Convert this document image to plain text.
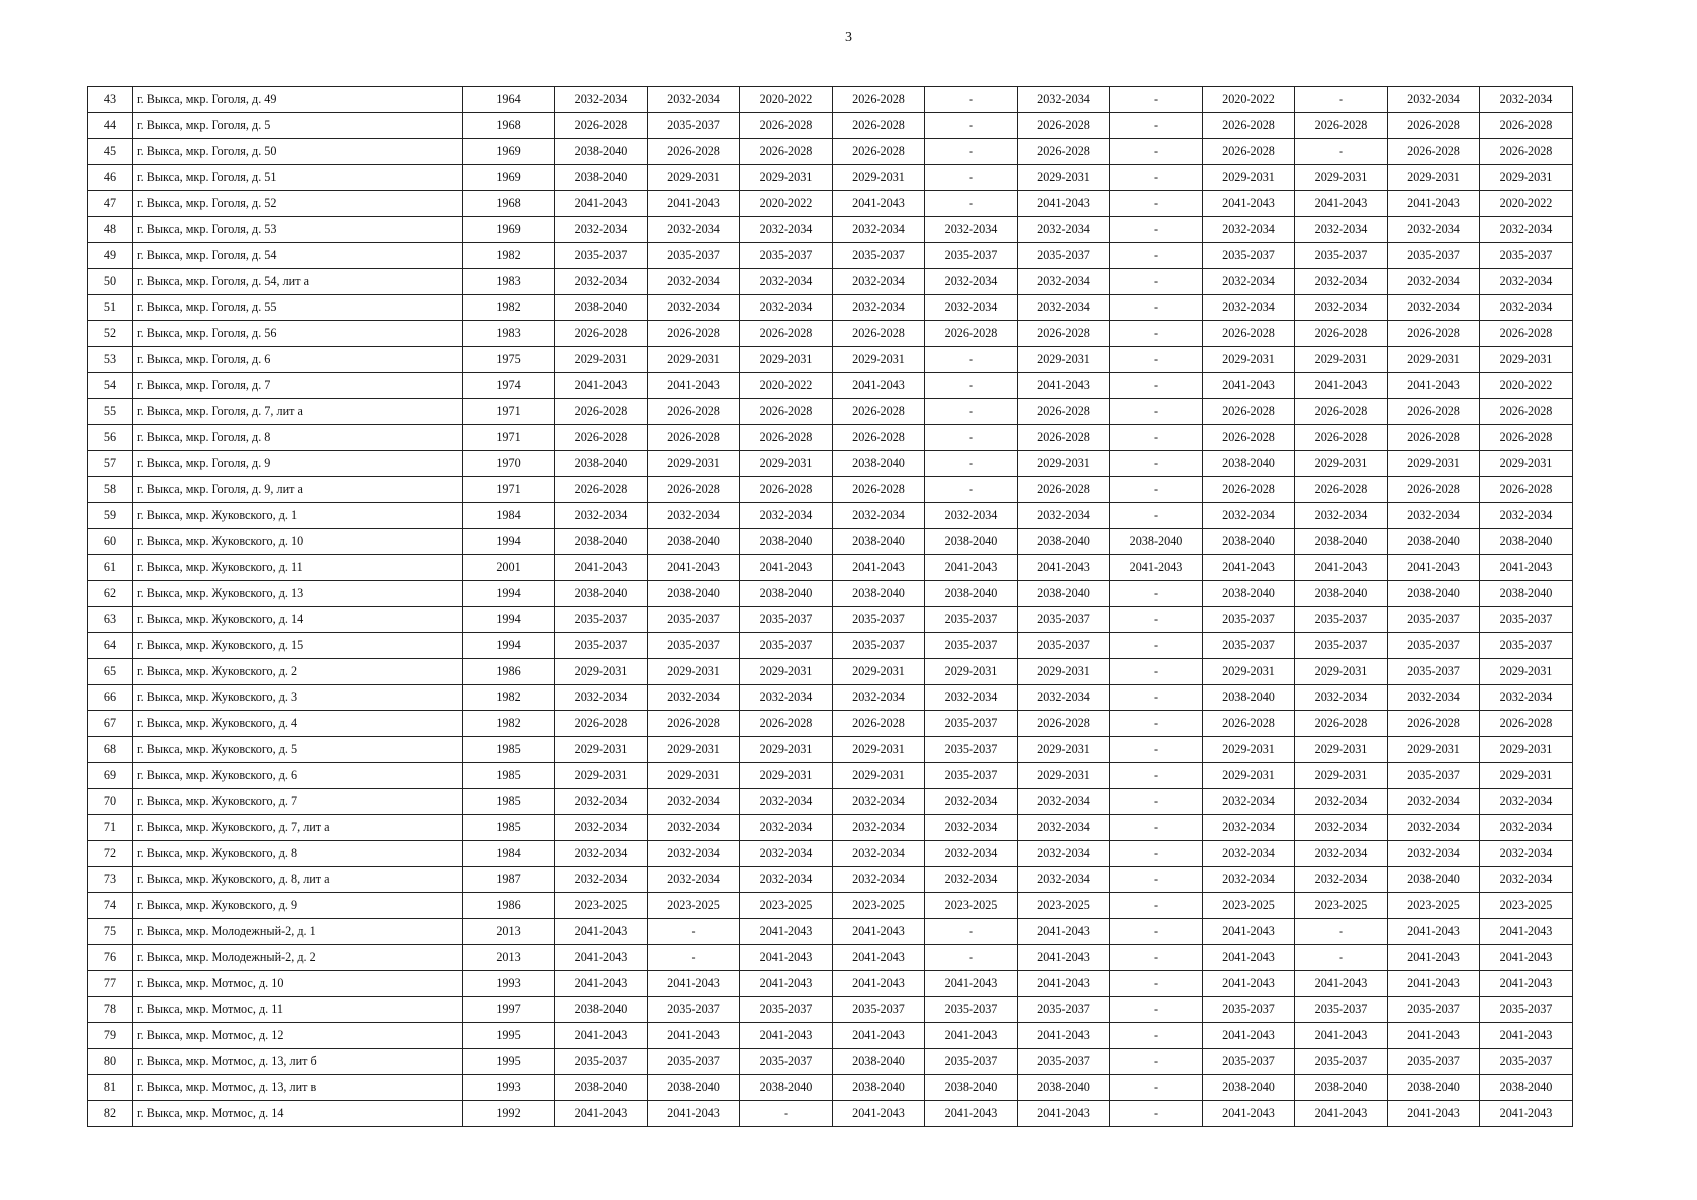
3
43	г. Выкса, мкр. Гоголя, д. 49	1964	2032-2034	2032-2034	2020-2022	2026-2028	-	2032-2034	-	2020-2022	-	2032-2034	2032-2034
44	г. Выкса, мкр. Гоголя, д. 5	1968	2026-2028	2035-2037	2026-2028	2026-2028	-	2026-2028	-	2026-2028	2026-2028	2026-2028	2026-2028
45	г. Выкса, мкр. Гоголя, д. 50	1969	2038-2040	2026-2028	2026-2028	2026-2028	-	2026-2028	-	2026-2028	-	2026-2028	2026-2028
46	г. Выкса, мкр. Гоголя, д. 51	1969	2038-2040	2029-2031	2029-2031	2029-2031	-	2029-2031	-	2029-2031	2029-2031	2029-2031	2029-2031
47	г. Выкса, мкр. Гоголя, д. 52	1968	2041-2043	2041-2043	2020-2022	2041-2043	-	2041-2043	-	2041-2043	2041-2043	2041-2043	2020-2022
48	г. Выкса, мкр. Гоголя, д. 53	1969	2032-2034	2032-2034	2032-2034	2032-2034	2032-2034	2032-2034	-	2032-2034	2032-2034	2032-2034	2032-2034
49	г. Выкса, мкр. Гоголя, д. 54	1982	2035-2037	2035-2037	2035-2037	2035-2037	2035-2037	2035-2037	-	2035-2037	2035-2037	2035-2037	2035-2037
50	г. Выкса, мкр. Гоголя, д. 54, лит а	1983	2032-2034	2032-2034	2032-2034	2032-2034	2032-2034	2032-2034	-	2032-2034	2032-2034	2032-2034	2032-2034
51	г. Выкса, мкр. Гоголя, д. 55	1982	2038-2040	2032-2034	2032-2034	2032-2034	2032-2034	2032-2034	-	2032-2034	2032-2034	2032-2034	2032-2034
52	г. Выкса, мкр. Гоголя, д. 56	1983	2026-2028	2026-2028	2026-2028	2026-2028	2026-2028	2026-2028	-	2026-2028	2026-2028	2026-2028	2026-2028
53	г. Выкса, мкр. Гоголя, д. 6	1975	2029-2031	2029-2031	2029-2031	2029-2031	-	2029-2031	-	2029-2031	2029-2031	2029-2031	2029-2031
54	г. Выкса, мкр. Гоголя, д. 7	1974	2041-2043	2041-2043	2020-2022	2041-2043	-	2041-2043	-	2041-2043	2041-2043	2041-2043	2020-2022
55	г. Выкса, мкр. Гоголя, д. 7, лит а	1971	2026-2028	2026-2028	2026-2028	2026-2028	-	2026-2028	-	2026-2028	2026-2028	2026-2028	2026-2028
56	г. Выкса, мкр. Гоголя, д. 8	1971	2026-2028	2026-2028	2026-2028	2026-2028	-	2026-2028	-	2026-2028	2026-2028	2026-2028	2026-2028
57	г. Выкса, мкр. Гоголя, д. 9	1970	2038-2040	2029-2031	2029-2031	2038-2040	-	2029-2031	-	2038-2040	2029-2031	2029-2031	2029-2031
58	г. Выкса, мкр. Гоголя, д. 9, лит а	1971	2026-2028	2026-2028	2026-2028	2026-2028	-	2026-2028	-	2026-2028	2026-2028	2026-2028	2026-2028
59	г. Выкса, мкр. Жуковского, д. 1	1984	2032-2034	2032-2034	2032-2034	2032-2034	2032-2034	2032-2034	-	2032-2034	2032-2034	2032-2034	2032-2034
60	г. Выкса, мкр. Жуковского, д. 10	1994	2038-2040	2038-2040	2038-2040	2038-2040	2038-2040	2038-2040	2038-2040	2038-2040	2038-2040	2038-2040	2038-2040
61	г. Выкса, мкр. Жуковского, д. 11	2001	2041-2043	2041-2043	2041-2043	2041-2043	2041-2043	2041-2043	2041-2043	2041-2043	2041-2043	2041-2043	2041-2043
62	г. Выкса, мкр. Жуковского, д. 13	1994	2038-2040	2038-2040	2038-2040	2038-2040	2038-2040	2038-2040	-	2038-2040	2038-2040	2038-2040	2038-2040
63	г. Выкса, мкр. Жуковского, д. 14	1994	2035-2037	2035-2037	2035-2037	2035-2037	2035-2037	2035-2037	-	2035-2037	2035-2037	2035-2037	2035-2037
64	г. Выкса, мкр. Жуковского, д. 15	1994	2035-2037	2035-2037	2035-2037	2035-2037	2035-2037	2035-2037	-	2035-2037	2035-2037	2035-2037	2035-2037
65	г. Выкса, мкр. Жуковского, д. 2	1986	2029-2031	2029-2031	2029-2031	2029-2031	2029-2031	2029-2031	-	2029-2031	2029-2031	2035-2037	2029-2031
66	г. Выкса, мкр. Жуковского, д. 3	1982	2032-2034	2032-2034	2032-2034	2032-2034	2032-2034	2032-2034	-	2038-2040	2032-2034	2032-2034	2032-2034
67	г. Выкса, мкр. Жуковского, д. 4	1982	2026-2028	2026-2028	2026-2028	2026-2028	2035-2037	2026-2028	-	2026-2028	2026-2028	2026-2028	2026-2028
68	г. Выкса, мкр. Жуковского, д. 5	1985	2029-2031	2029-2031	2029-2031	2029-2031	2035-2037	2029-2031	-	2029-2031	2029-2031	2029-2031	2029-2031
69	г. Выкса, мкр. Жуковского, д. 6	1985	2029-2031	2029-2031	2029-2031	2029-2031	2035-2037	2029-2031	-	2029-2031	2029-2031	2035-2037	2029-2031
70	г. Выкса, мкр. Жуковского, д. 7	1985	2032-2034	2032-2034	2032-2034	2032-2034	2032-2034	2032-2034	-	2032-2034	2032-2034	2032-2034	2032-2034
71	г. Выкса, мкр. Жуковского, д. 7, лит а	1985	2032-2034	2032-2034	2032-2034	2032-2034	2032-2034	2032-2034	-	2032-2034	2032-2034	2032-2034	2032-2034
72	г. Выкса, мкр. Жуковского, д. 8	1984	2032-2034	2032-2034	2032-2034	2032-2034	2032-2034	2032-2034	-	2032-2034	2032-2034	2032-2034	2032-2034
73	г. Выкса, мкр. Жуковского, д. 8, лит а	1987	2032-2034	2032-2034	2032-2034	2032-2034	2032-2034	2032-2034	-	2032-2034	2032-2034	2038-2040	2032-2034
74	г. Выкса, мкр. Жуковского, д. 9	1986	2023-2025	2023-2025	2023-2025	2023-2025	2023-2025	2023-2025	-	2023-2025	2023-2025	2023-2025	2023-2025
75	г. Выкса, мкр. Молодежный-2, д. 1	2013	2041-2043	-	2041-2043	2041-2043	-	2041-2043	-	2041-2043	-	2041-2043	2041-2043
76	г. Выкса, мкр. Молодежный-2, д. 2	2013	2041-2043	-	2041-2043	2041-2043	-	2041-2043	-	2041-2043	-	2041-2043	2041-2043
77	г. Выкса, мкр. Мотмос, д. 10	1993	2041-2043	2041-2043	2041-2043	2041-2043	2041-2043	2041-2043	-	2041-2043	2041-2043	2041-2043	2041-2043
78	г. Выкса, мкр. Мотмос, д. 11	1997	2038-2040	2035-2037	2035-2037	2035-2037	2035-2037	2035-2037	-	2035-2037	2035-2037	2035-2037	2035-2037
79	г. Выкса, мкр. Мотмос, д. 12	1995	2041-2043	2041-2043	2041-2043	2041-2043	2041-2043	2041-2043	-	2041-2043	2041-2043	2041-2043	2041-2043
80	г. Выкса, мкр. Мотмос, д. 13, лит б	1995	2035-2037	2035-2037	2035-2037	2038-2040	2035-2037	2035-2037	-	2035-2037	2035-2037	2035-2037	2035-2037
81	г. Выкса, мкр. Мотмос, д. 13, лит в	1993	2038-2040	2038-2040	2038-2040	2038-2040	2038-2040	2038-2040	-	2038-2040	2038-2040	2038-2040	2038-2040
82	г. Выкса, мкр. Мотмос, д. 14	1992	2041-2043	2041-2043	-	2041-2043	2041-2043	2041-2043	-	2041-2043	2041-2043	2041-2043	2041-2043
